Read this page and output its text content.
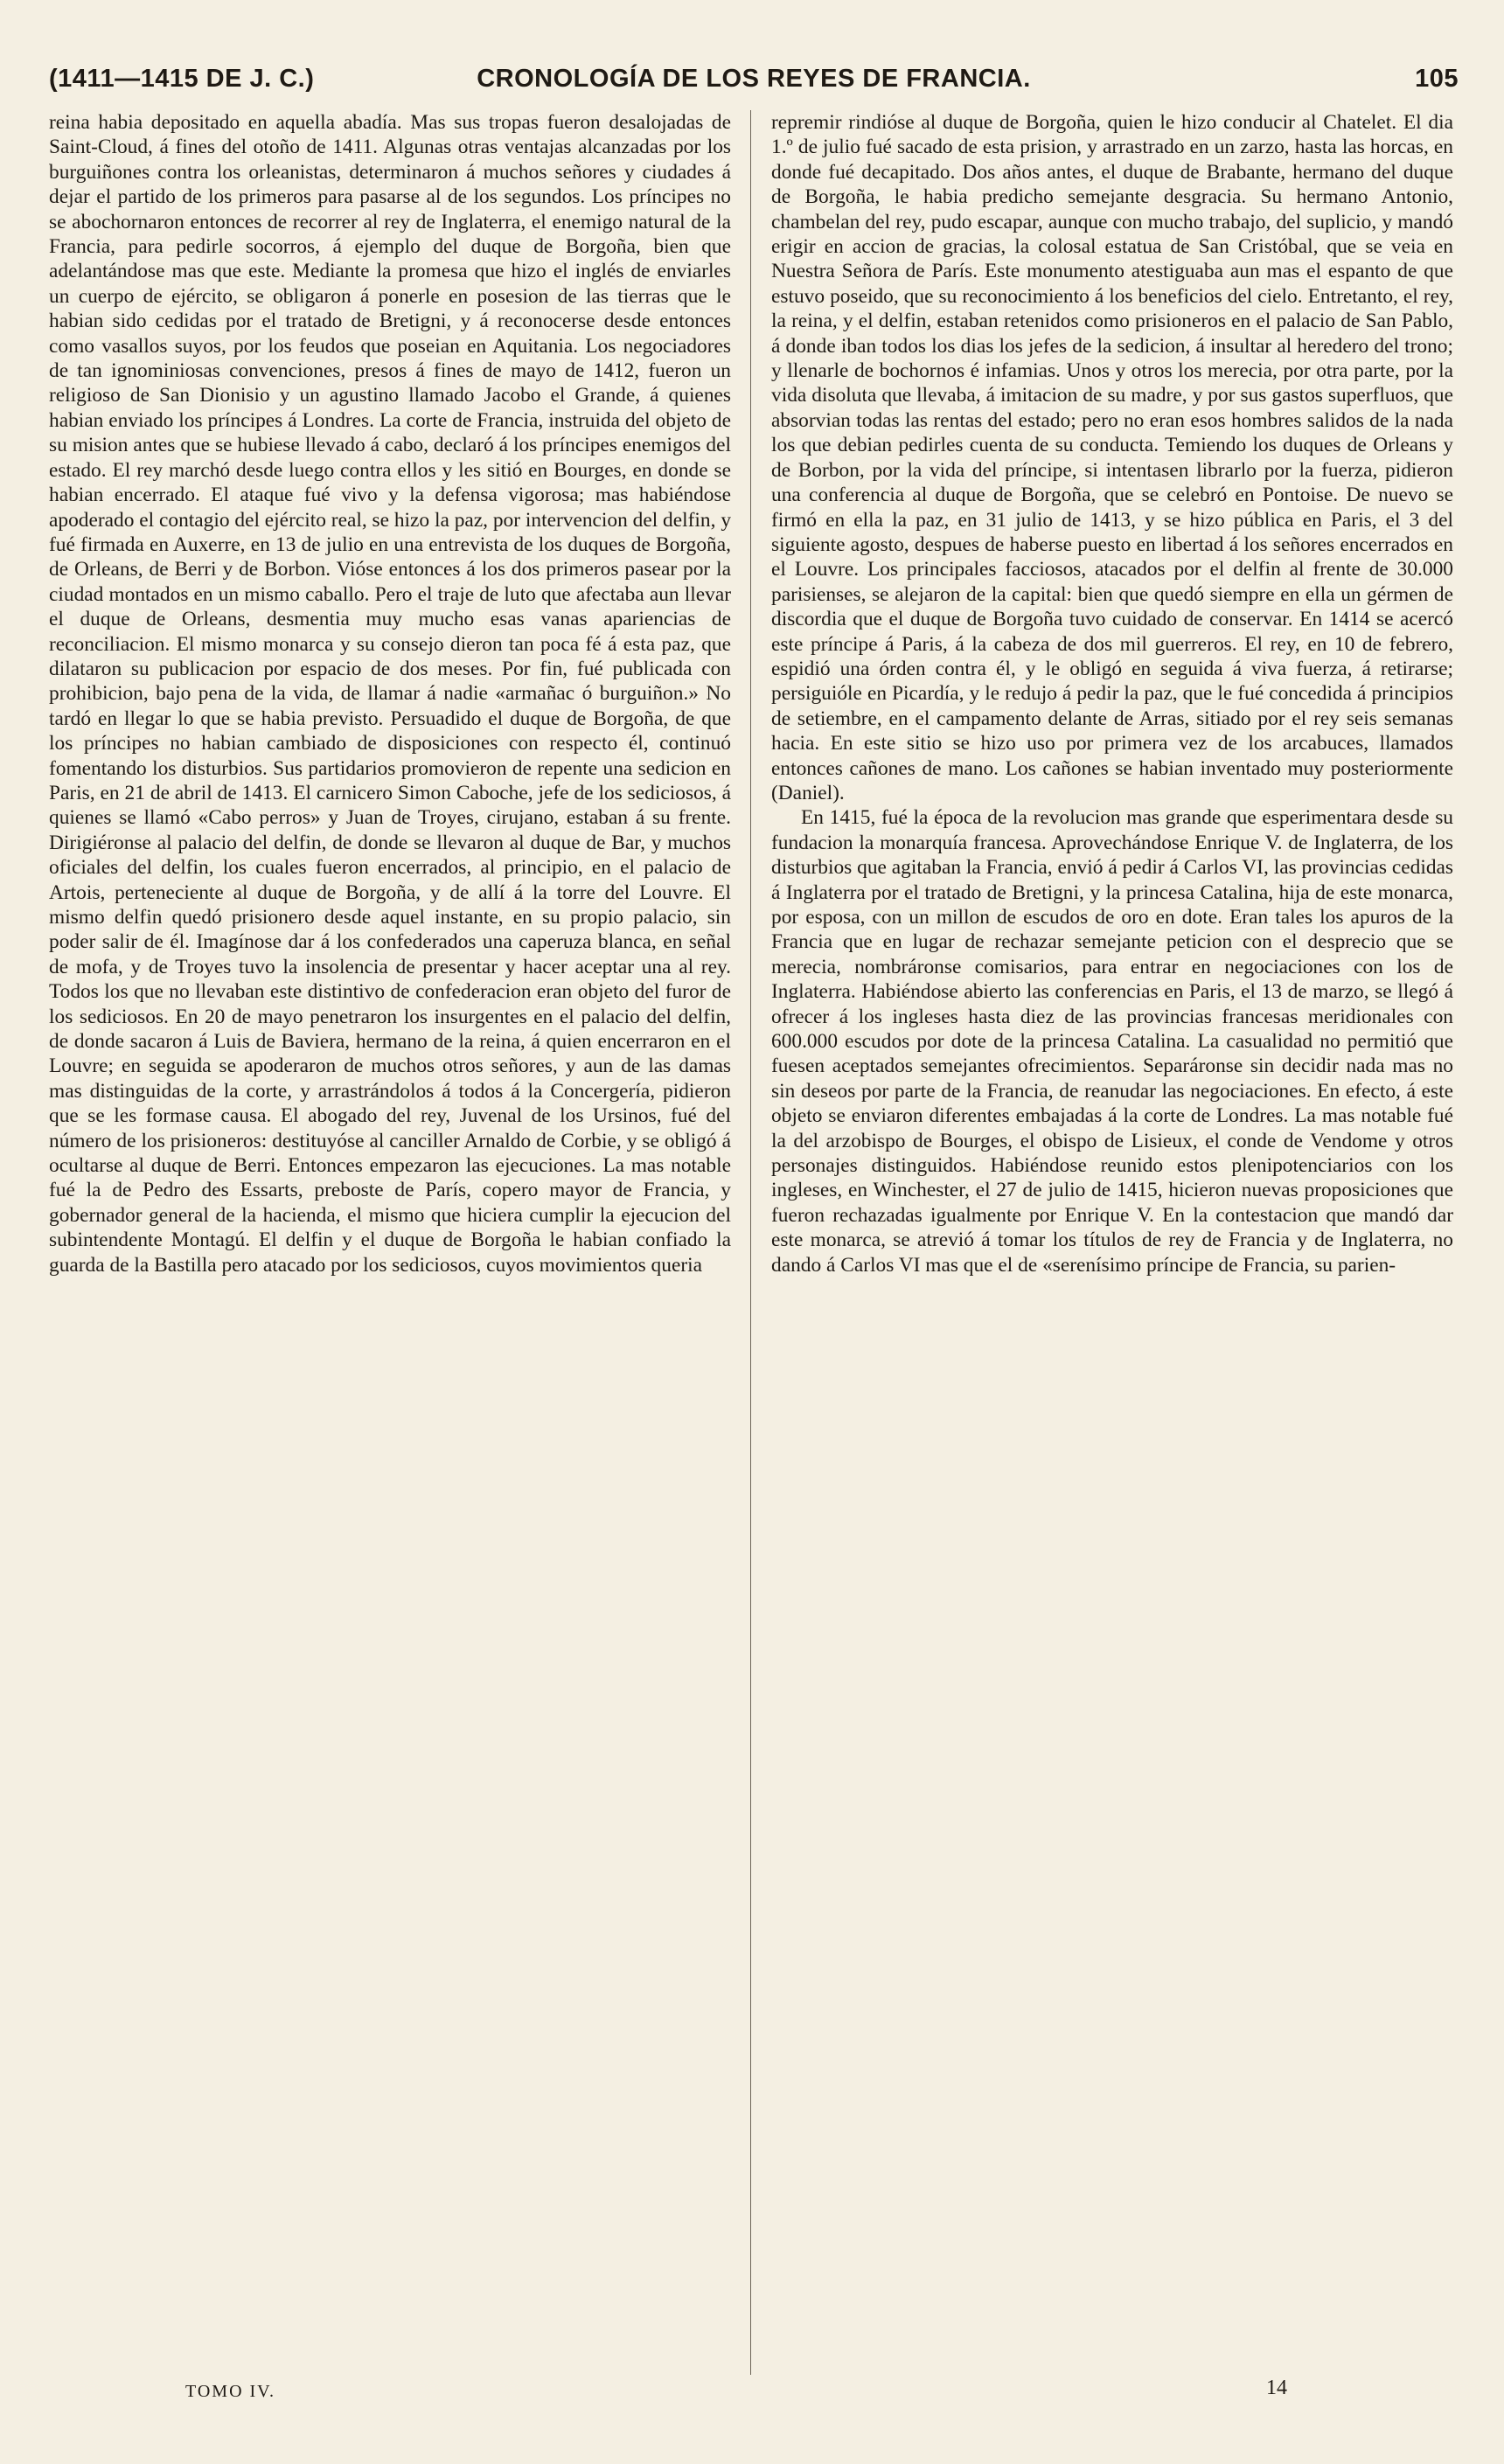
(1411—1415 DE J. C.)	CRONOLOGÍA DE LOS REYES DE FRANCIA.	105

reina habia depositado en aquella abadía. Mas sus tropas fueron desalojadas de Saint-Cloud, á fines del otoño de 1411. Algunas otras ventajas alcanzadas por los burguiñones contra los orleanistas, determinaron á muchos señores y ciudades á dejar el partido de los primeros para pasarse al de los segundos. Los príncipes no se abochornaron entonces de recorrer al rey de Inglaterra, el enemigo natural de la Francia, para pedirle socorros, á ejemplo del duque de Borgoña, bien que adelantándose mas que este. Mediante la promesa que hizo el inglés de enviarles un cuerpo de ejército, se obligaron á ponerle en posesion de las tierras que le habian sido cedidas por el tratado de Bretigni, y á reconocerse desde entonces como vasallos suyos, por los feudos que poseian en Aquitania. Los negociadores de tan ignominiosas convenciones, presos á fines de mayo de 1412, fueron un religioso de San Dionisio y un agustino llamado Jacobo el Grande, á quienes habian enviado los príncipes á Londres. La corte de Francia, instruida del objeto de su mision antes que se hubiese llevado á cabo, declaró á los príncipes enemigos del estado. El rey marchó desde luego contra ellos y les sitió en Bourges, en donde se habian encerrado. El ataque fué vivo y la defensa vigorosa; mas habiéndose apoderado el contagio del ejército real, se hizo la paz, por intervencion del delfin, y fué firmada en Auxerre, en 13 de julio en una entrevista de los duques de Borgoña, de Orleans, de Berri y de Borbon. Vióse entonces á los dos primeros pasear por la ciudad montados en un mismo caballo. Pero el traje de luto que afectaba aun llevar el duque de Orleans, desmentia muy mucho esas vanas apariencias de reconciliacion. El mismo monarca y su consejo dieron tan poca fé á esta paz, que dilataron su publicacion por espacio de dos meses. Por fin, fué publicada con prohibicion, bajo pena de la vida, de llamar á nadie «armañac ó burguiñon.» No tardó en llegar lo que se habia previsto. Persuadido el duque de Borgoña, de que los príncipes no habian cambiado de disposiciones con respecto él, continuó fomentando los disturbios. Sus partidarios promovieron de repente una sedicion en Paris, en 21 de abril de 1413. El carnicero Simon Caboche, jefe de los sediciosos, á quienes se llamó «Cabo perros» y Juan de Troyes, cirujano, estaban á su frente. Dirigiéronse al palacio del delfin, de donde se llevaron al duque de Bar, y muchos oficiales del delfin, los cuales fueron encerrados, al principio, en el palacio de Artois, perteneciente al duque de Borgoña, y de allí á la torre del Louvre. El mismo delfin quedó prisionero desde aquel instante, en su propio palacio, sin poder salir de él. Imagínose dar á los confederados una caperuza blanca, en señal de mofa, y de Troyes tuvo la insolencia de presentar y hacer aceptar una al rey. Todos los que no llevaban este distintivo de confederacion eran objeto del furor de los sediciosos. En 20 de mayo penetraron los insurgentes en el palacio del delfin, de donde sacaron á Luis de Baviera, hermano de la reina, á quien encerraron en el Louvre; en seguida se apoderaron de muchos otros señores, y aun de las damas mas distinguidas de la corte, y arrastrándolos á todos á la Concergería, pidieron que se les formase causa. El abogado del rey, Juvenal de los Ursinos, fué del número de los prisioneros: destituyóse al canciller Arnaldo de Corbie, y se obligó á ocultarse al duque de Berri. Entonces empezaron las ejecuciones. La mas notable fué la de Pedro des Essarts, preboste de París, copero mayor de Francia, y gobernador general de la hacienda, el mismo que hiciera cumplir la ejecucion del subintendente Montagú. El delfin y el duque de Borgoña le habian confiado la guarda de la Bastilla pero atacado por los sediciosos, cuyos movimientos queria

repremir rindióse al duque de Borgoña, quien le hizo conducir al Chatelet. El dia 1.º de julio fué sacado de esta prision, y arrastrado en un zarzo, hasta las horcas, en donde fué decapitado. Dos años antes, el duque de Brabante, hermano del duque de Borgoña, le habia predicho semejante desgracia. Su hermano Antonio, chambelan del rey, pudo escapar, aunque con mucho trabajo, del suplicio, y mandó erigir en accion de gracias, la colosal estatua de San Cristóbal, que se veia en Nuestra Señora de París. Este monumento atestiguaba aun mas el espanto de que estuvo poseido, que su reconocimiento á los beneficios del cielo. Entretanto, el rey, la reina, y el delfin, estaban retenidos como prisioneros en el palacio de San Pablo, á donde iban todos los dias los jefes de la sedicion, á insultar al heredero del trono; y llenarle de bochornos é infamias. Unos y otros los merecia, por otra parte, por la vida disoluta que llevaba, á imitacion de su madre, y por sus gastos superfluos, que absorvian todas las rentas del estado; pero no eran esos hombres salidos de la nada los que debian pedirles cuenta de su conducta. Temiendo los duques de Orleans y de Borbon, por la vida del príncipe, si intentasen librarlo por la fuerza, pidieron una conferencia al duque de Borgoña, que se celebró en Pontoise. De nuevo se firmó en ella la paz, en 31 julio de 1413, y se hizo pública en Paris, el 3 del siguiente agosto, despues de haberse puesto en libertad á los señores encerrados en el Louvre. Los principales facciosos, atacados por el delfin al frente de 30.000 parisienses, se alejaron de la capital: bien que quedó siempre en ella un gérmen de discordia que el duque de Borgoña tuvo cuidado de conservar. En 1414 se acercó este príncipe á Paris, á la cabeza de dos mil guerreros. El rey, en 10 de febrero, espidió una órden contra él, y le obligó en seguida á viva fuerza, á retirarse; persiguióle en Picardía, y le redujo á pedir la paz, que le fué concedida á principios de setiembre, en el campamento delante de Arras, sitiado por el rey seis semanas hacia. En este sitio se hizo uso por primera vez de los arcabuces, llamados entonces cañones de mano. Los cañones se habian inventado muy posteriormente (Daniel).

En 1415, fué la época de la revolucion mas grande que esperimentara desde su fundacion la monarquía francesa. Aprovechándose Enrique V. de Inglaterra, de los disturbios que agitaban la Francia, envió á pedir á Carlos VI, las provincias cedidas á Inglaterra por el tratado de Bretigni, y la princesa Catalina, hija de este monarca, por esposa, con un millon de escudos de oro en dote. Eran tales los apuros de la Francia que en lugar de rechazar semejante peticion con el desprecio que se merecia, nombráronse comisarios, para entrar en negociaciones con los de Inglaterra. Habiéndose abierto las conferencias en Paris, el 13 de marzo, se llegó á ofrecer á los ingleses hasta diez de las provincias francesas meridionales con 600.000 escudos por dote de la princesa Catalina. La casualidad no permitió que fuesen aceptados semejantes ofrecimientos. Separáronse sin decidir nada mas no sin deseos por parte de la Francia, de reanudar las negociaciones. En efecto, á este objeto se enviaron diferentes embajadas á la corte de Londres. La mas notable fué la del arzobispo de Bourges, el obispo de Lisieux, el conde de Vendome y otros personajes distinguidos. Habiéndose reunido estos plenipotenciarios con los ingleses, en Winchester, el 27 de julio de 1415, hicieron nuevas proposiciones que fueron rechazadas igualmente por Enrique V. En la contestacion que mandó dar este monarca, se atrevió á tomar los títulos de rey de Francia y de Inglaterra, no dando á Carlos VI mas que el de «serenísimo príncipe de Francia, su parien-

TOMO IV.	14
